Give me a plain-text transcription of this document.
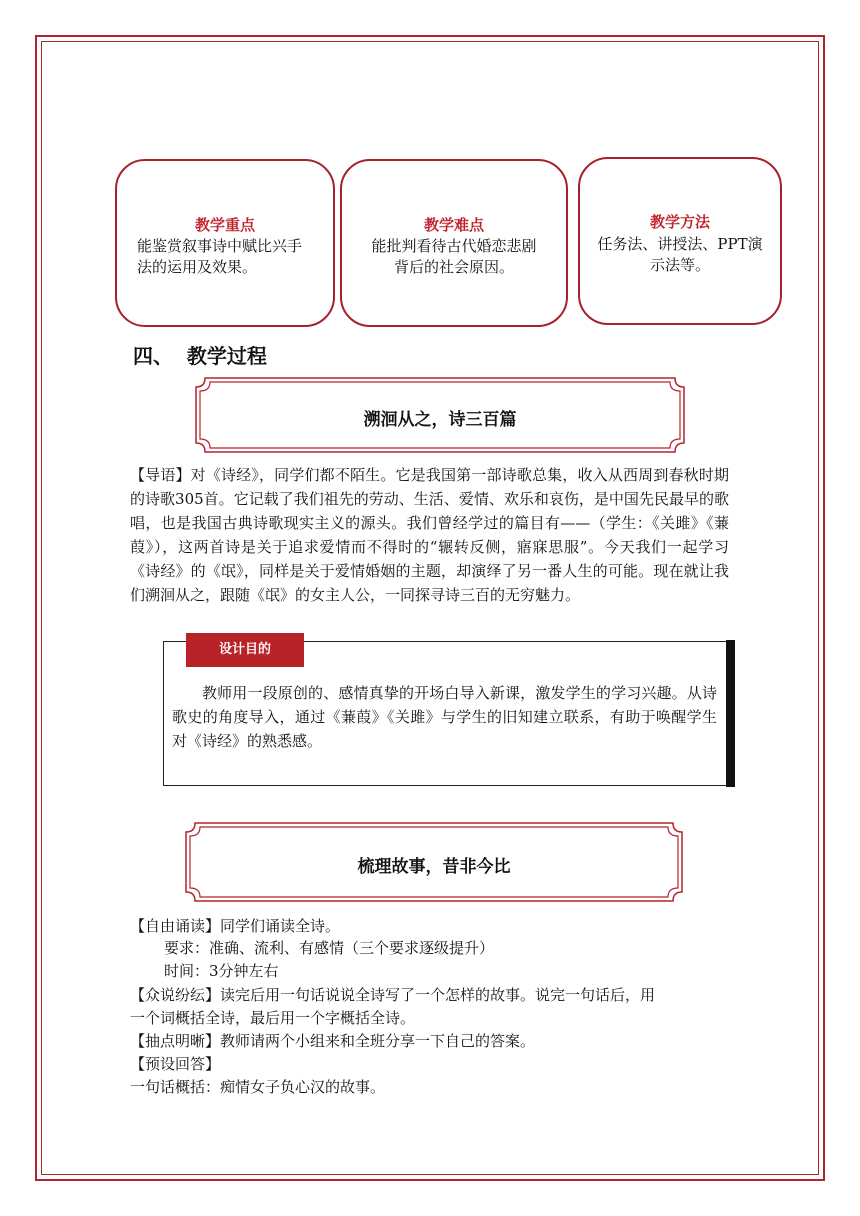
教学重点
能鉴赏叙事诗中赋比兴手法的运用及效果。
教学难点
能批判看待古代婚恋悲剧背后的社会原因。
教学方法
任务法、讲授法、PPT演示法等。
四、  教学过程
溯洄从之，诗三百篇
【导语】对《诗经》，同学们都不陌生。它是我国第一部诗歌总集，收入从西周到春秋时期的诗歌305首。它记载了我们祖先的劳动、生活、爱情、欢乐和哀伤，是中国先民最早的歌唱，也是我国古典诗歌现实主义的源头。我们曾经学过的篇目有——（学生：《关雎》《蒹葭》），这两首诗是关于追求爱情而不得时的“辗转反侧，寤寐思服”。今天我们一起学习《诗经》的《氓》，同样是关于爱情婚姻的主题，却演绎了另一番人生的可能。现在就让我们溯洄从之，跟随《氓》的女主人公，一同探寻诗三百的无穷魅力。
设计目的
教师用一段原创的、感情真挚的开场白导入新课，激发学生的学习兴趣。从诗歌史的角度导入，通过《蒹葭》《关雎》与学生的旧知建立联系，有助于唤醒学生对《诗经》的熟悉感。
梳理故事，昔非今比
【自由诵读】同学们诵读全诗。
要求：准确、流利、有感情（三个要求逐级提升）
时间：3分钟左右
【众说纷纭】读完后用一句话说说全诗写了一个怎样的故事。说完一句话后，用
一个词概括全诗，最后用一个字概括全诗。
【抽点明晰】教师请两个小组来和全班分享一下自己的答案。
【预设回答】
一句话概括：痴情女子负心汉的故事。
